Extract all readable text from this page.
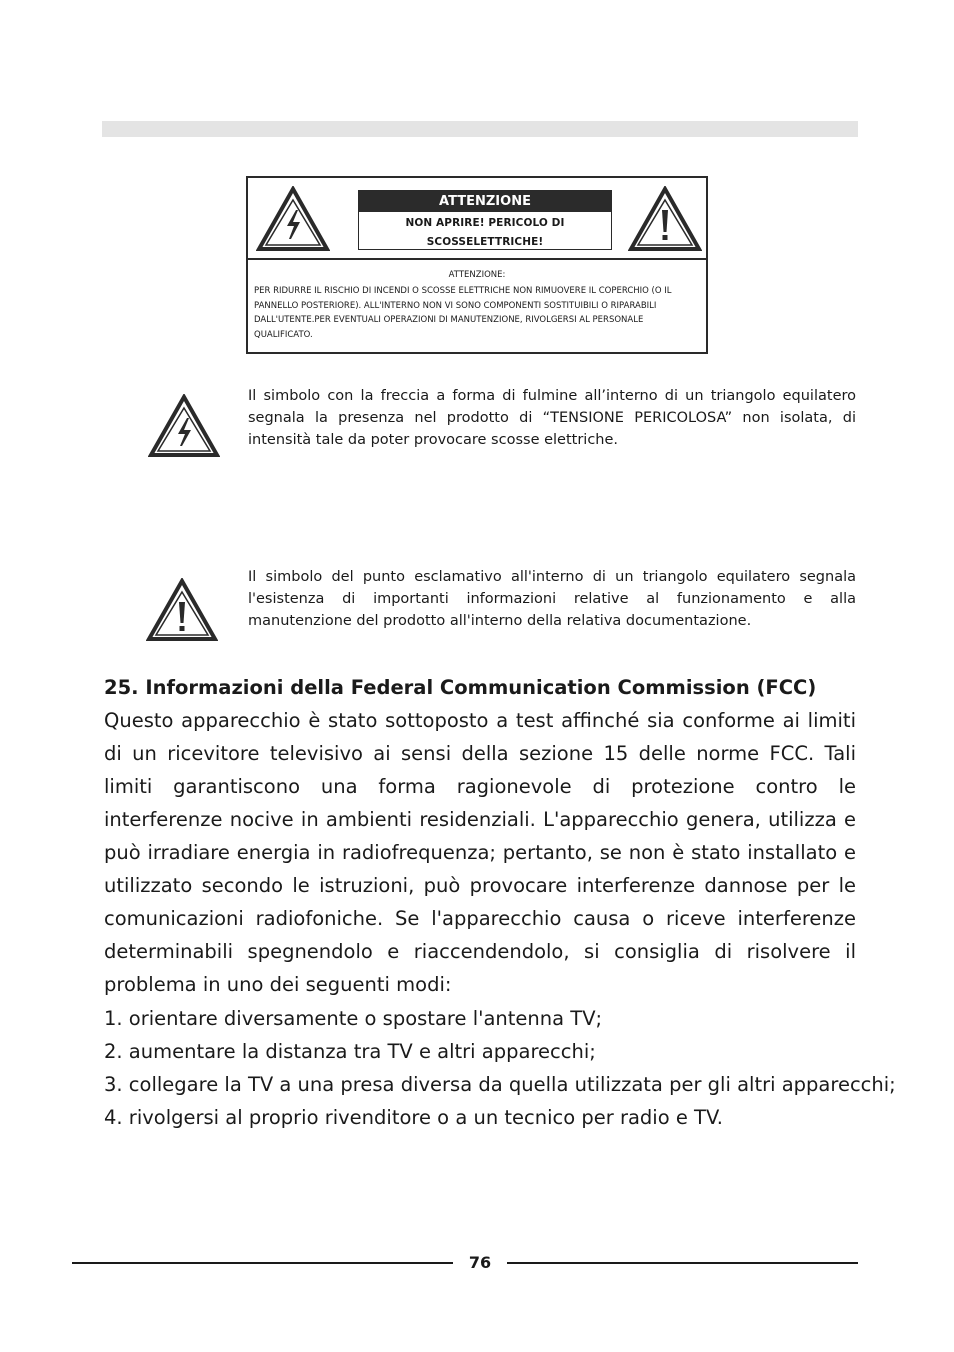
ATTENZIONE
NON APRIRE! PERICOLO DI SCOSSELETTRICHE!
ATTENZIONE:
PER RIDURRE IL RISCHIO DI INCENDI O SCOSSE ELETTRICHE NON RIMUOVERE IL COPERCHIO (O IL PANNELLO POSTERIORE). ALL'INTERNO NON VI SONO COMPONENTI SOSTITUIBILI O RIPARABILI DALL'UTENTE.PER EVENTUALI OPERAZIONI DI MANUTENZIONE, RIVOLGERSI AL PERSONALE QUALIFICATO.
Il simbolo con la freccia a forma di fulmine all’interno di un triangolo equilatero segnala la presenza nel prodotto di “TENSIONE PERICOLOSA” non isolata, di intensità tale da poter provocare scosse elettriche.
Il simbolo del punto esclamativo all'interno di un triangolo equilatero segnala l'esistenza di importanti informazioni relative al funzionamento e alla manutenzione del prodotto all'interno della relativa documentazione.
25. Informazioni della Federal Communication Commission (FCC)
Questo apparecchio è stato sottoposto a test affinché sia conforme ai limiti di un ricevitore televisivo ai sensi della sezione 15 delle norme FCC. Tali limiti garantiscono una forma ragionevole di protezione contro le interferenze nocive in ambienti residenziali. L'apparecchio genera, utilizza e può irradiare energia in radiofrequenza; pertanto, se non è stato installato e utilizzato secondo le istruzioni, può provocare interferenze dannose per le comunicazioni radiofoniche. Se l'apparecchio causa o riceve interferenze determinabili spegnendolo e riaccendendolo, si consiglia di risolvere il problema in uno dei seguenti modi:
1. orientare diversamente o spostare l'antenna TV;
2. aumentare la distanza tra TV e altri apparecchi;
3. collegare la TV a una presa diversa da quella utilizzata per gli altri apparecchi;
4. rivolgersi al proprio rivenditore o a un tecnico per radio e TV.
76
